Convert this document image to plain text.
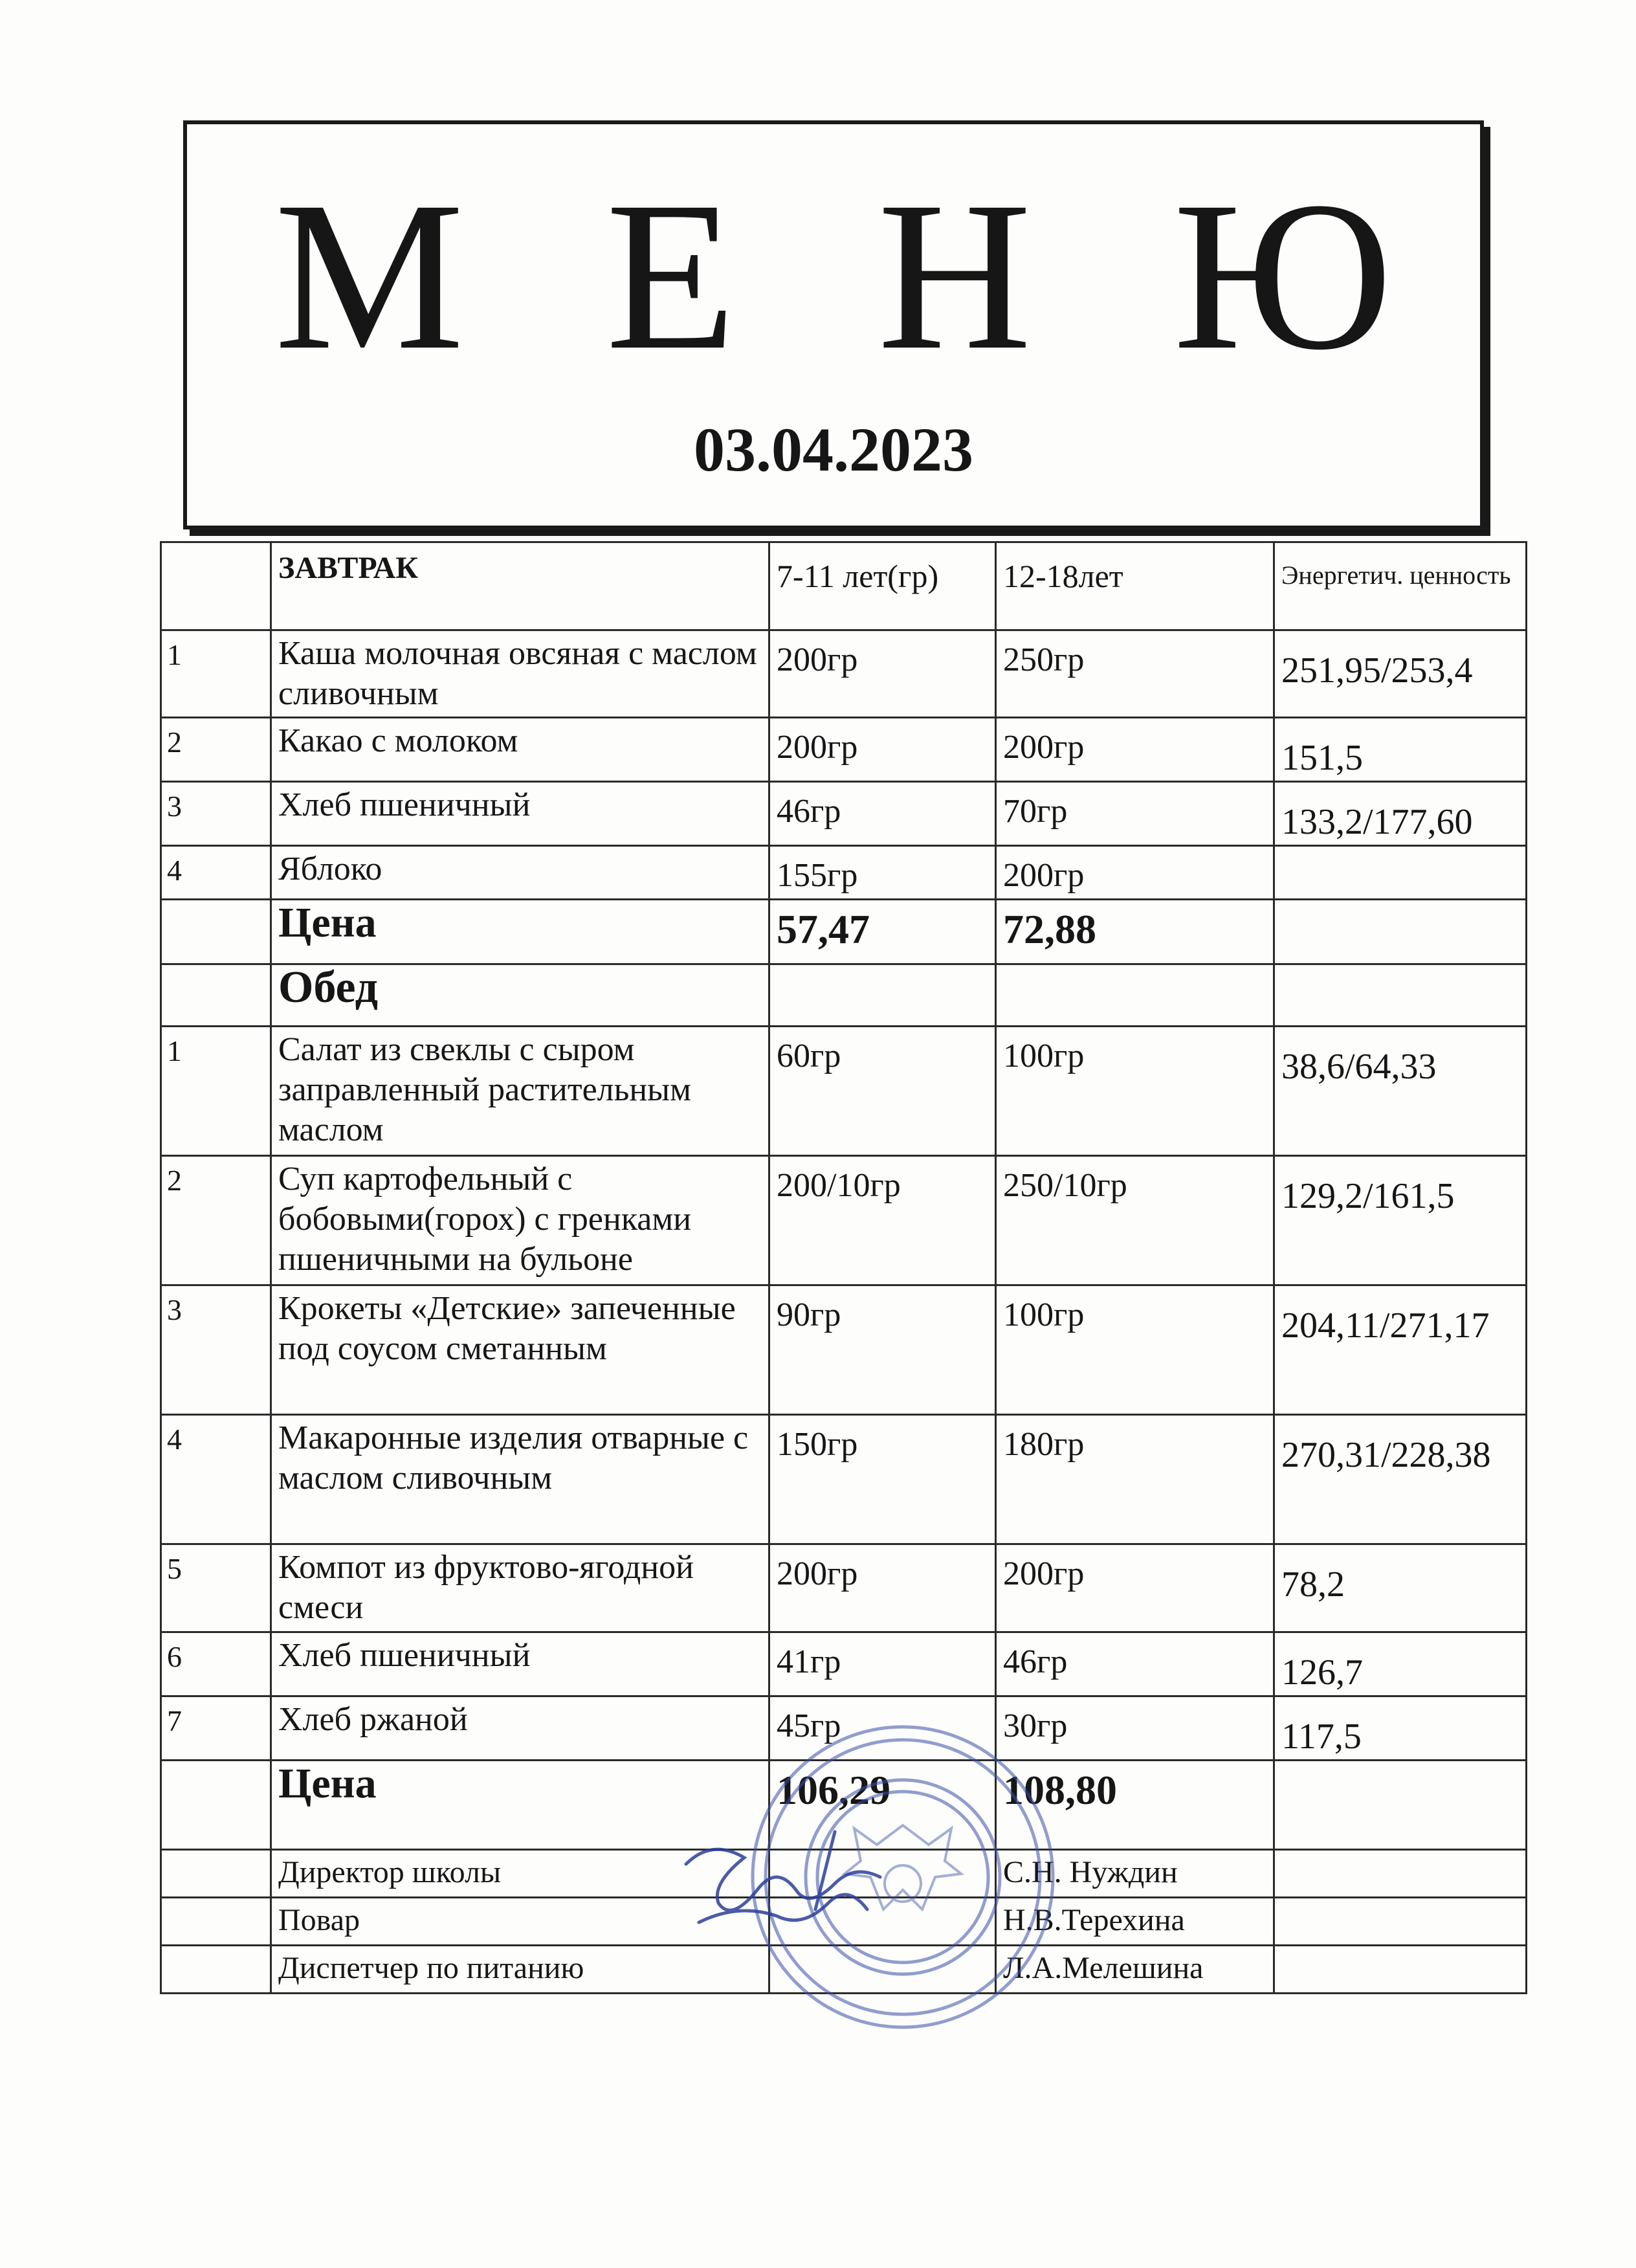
М Е Н Ю
03.04.2023
	ЗАВТРАК	7-11 лет(гр)	12-18лет	Энергетич. ценность
1	Каша молочная овсяная с маслом сливочным	200гр	250гр	251,95/253,4
2	Какао с молоком	200гр	200гр	151,5
3	Хлеб пшеничный	46гр	70гр	133,2/177,60
4	Яблоко	155гр	200гр	
	Цена	57,47	72,88	
	Обед			
1	Салат из свеклы с сыром заправленный растительным маслом	60гр	100гр	38,6/64,33
2	Суп картофельный с бобовыми(горох) с гренками пшеничными на бульоне	200/10гр	250/10гр	129,2/161,5
3	Крокеты «Детские» запеченные под соусом сметанным	90гр	100гр	204,11/271,17
4	Макаронные изделия отварные с маслом сливочным	150гр	180гр	270,31/228,38
5	Компот из фруктово-ягодной смеси	200гр	200гр	78,2
6	Хлеб пшеничный	41гр	46гр	126,7
7	Хлеб ржаной	45гр	30гр	117,5
	Цена	106,29	108,80	
	Директор школы		С.Н. Нуждин	
	Повар		Н.В.Терехина	
	Диспетчер по питанию		Л.А.Мелешина	
